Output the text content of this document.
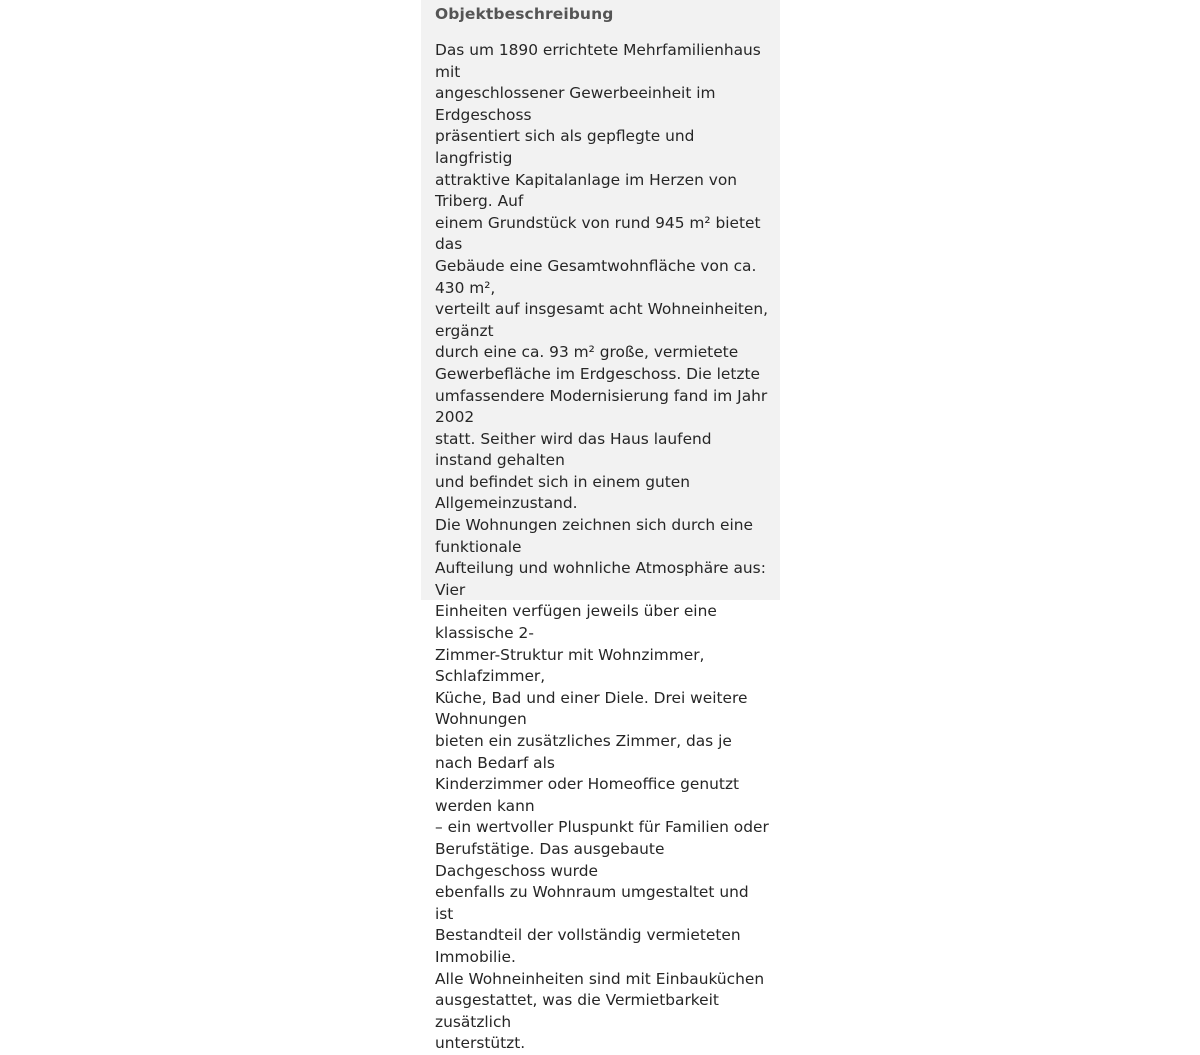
Objektbeschreibung

Das um 1890 errichtete Mehrfamilienhaus mit
angeschlossener Gewerbeeinheit im Erdgeschoss
präsentiert sich als gepflegte und langfristig
attraktive Kapitalanlage im Herzen von Triberg. Auf
einem Grundstück von rund 945 m² bietet das
Gebäude eine Gesamtwohnfläche von ca. 430 m²,
verteilt auf insgesamt acht Wohneinheiten, ergänzt
durch eine ca. 93 m² große, vermietete
Gewerbefläche im Erdgeschoss. Die letzte
umfassendere Modernisierung fand im Jahr 2002
statt. Seither wird das Haus laufend instand gehalten
und befindet sich in einem guten Allgemeinzustand.
Die Wohnungen zeichnen sich durch eine funktionale
Aufteilung und wohnliche Atmosphäre aus: Vier
Einheiten verfügen jeweils über eine klassische 2-
Zimmer-Struktur mit Wohnzimmer, Schlafzimmer,
Küche, Bad und einer Diele. Drei weitere Wohnungen
bieten ein zusätzliches Zimmer, das je nach Bedarf als
Kinderzimmer oder Homeoffice genutzt werden kann
– ein wertvoller Pluspunkt für Familien oder
Berufstätige. Das ausgebaute Dachgeschoss wurde
ebenfalls zu Wohnraum umgestaltet und ist
Bestandteil der vollständig vermieteten Immobilie.
Alle Wohneinheiten sind mit Einbauküchen
ausgestattet, was die Vermietbarkeit zusätzlich
unterstützt.
